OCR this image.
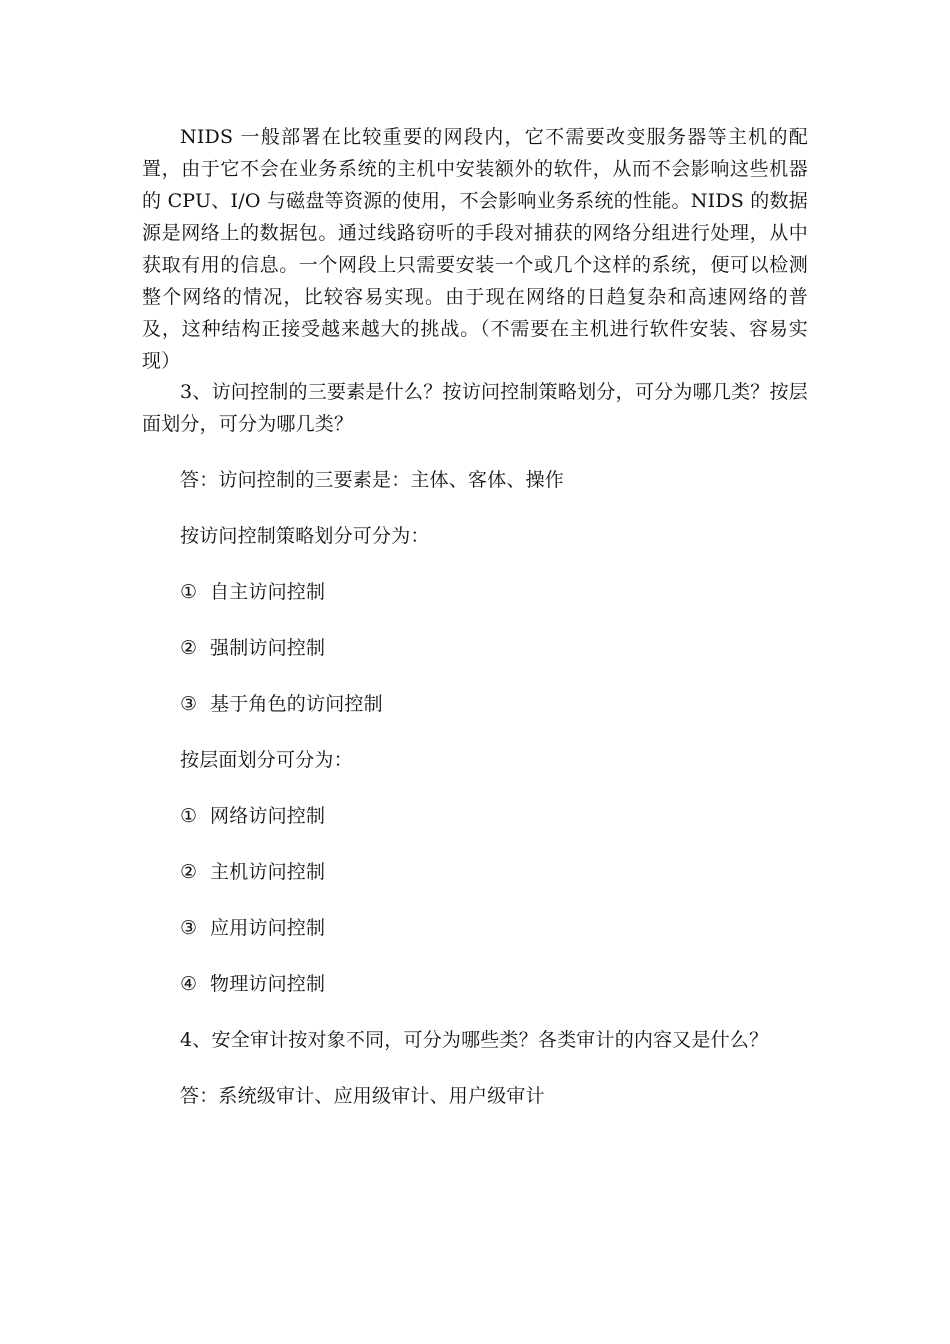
NIDS 一般部署在比较重要的网段内，它不需要改变服务器等主机的配置，由于它不会在业务系统的主机中安装额外的软件，从而不会影响这些机器的 CPU、I/O 与磁盘等资源的使用，不会影响业务系统的性能。NIDS 的数据源是网络上的数据包。通过线路窃听的手段对捕获的网络分组进行处理，从中获取有用的信息。一个网段上只需要安装一个或几个这样的系统，便可以检测整个网络的情况，比较容易实现。由于现在网络的日趋复杂和高速网络的普及，这种结构正接受越来越大的挑战。（不需要在主机进行软件安装、容易实现）

3、访问控制的三要素是什么？按访问控制策略划分，可分为哪几类？按层面划分，可分为哪几类？

答：访问控制的三要素是：主体、客体、操作
按访问控制策略划分可分为：
① 自主访问控制
② 强制访问控制
③ 基于角色的访问控制
按层面划分可分为：
① 网络访问控制
② 主机访问控制
③ 应用访问控制
④ 物理访问控制
4、安全审计按对象不同，可分为哪些类？各类审计的内容又是什么？
答：系统级审计、应用级审计、用户级审计
